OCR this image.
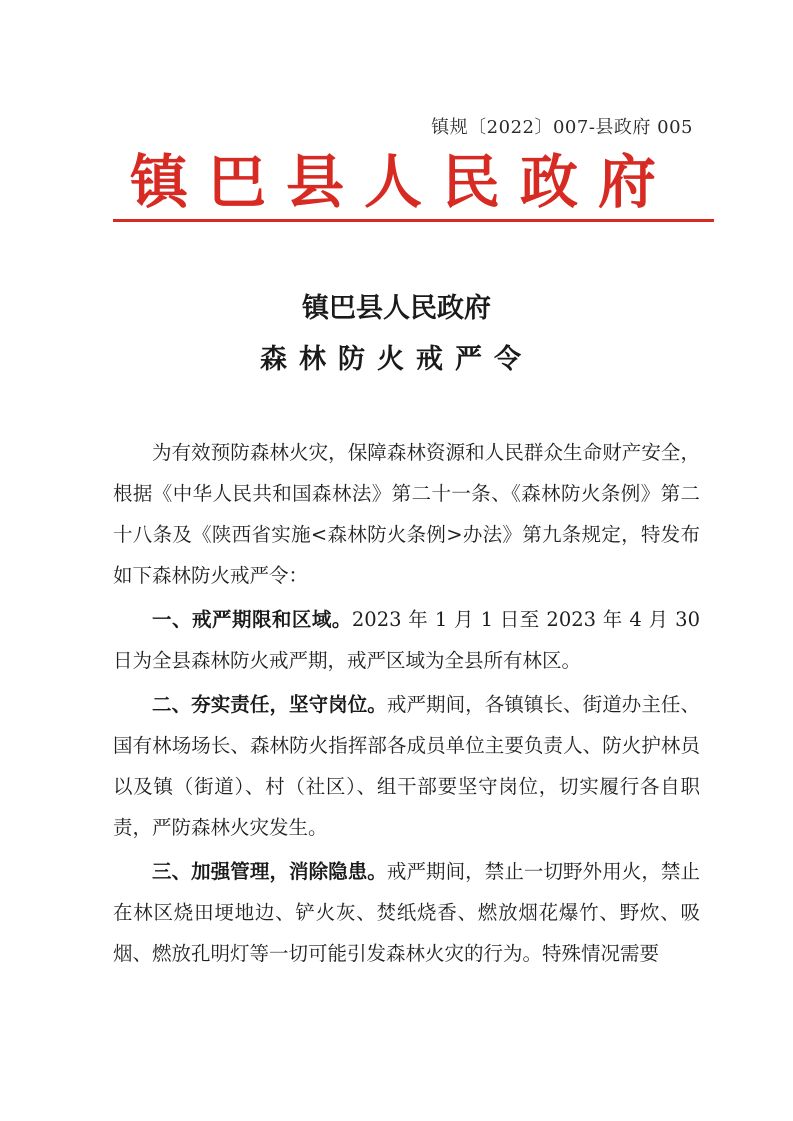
镇规〔2022〕007-县政府 005
镇巴县人民政府
镇巴县人民政府
森林防火戒严令

为有效预防森林火灾，保障森林资源和人民群众生命财产安全，根据《中华人民共和国森林法》第二十一条、《森林防火条例》第二十八条及《陕西省实施<森林防火条例>办法》第九条规定，特发布如下森林防火戒严令：

一、戒严期限和区域。2023 年 1 月 1 日至 2023 年 4 月 30 日为全县森林防火戒严期，戒严区域为全县所有林区。

二、夯实责任，坚守岗位。戒严期间，各镇镇长、街道办主任、国有林场场长、森林防火指挥部各成员单位主要负责人、防火护林员以及镇（街道）、村（社区）、组干部要坚守岗位，切实履行各自职责，严防森林火灾发生。

三、加强管理，消除隐患。戒严期间，禁止一切野外用火，禁止在林区烧田埂地边、铲火灰、焚纸烧香、燃放烟花爆竹、野炊、吸烟、燃放孔明灯等一切可能引发森林火灾的行为。特殊情况需要
